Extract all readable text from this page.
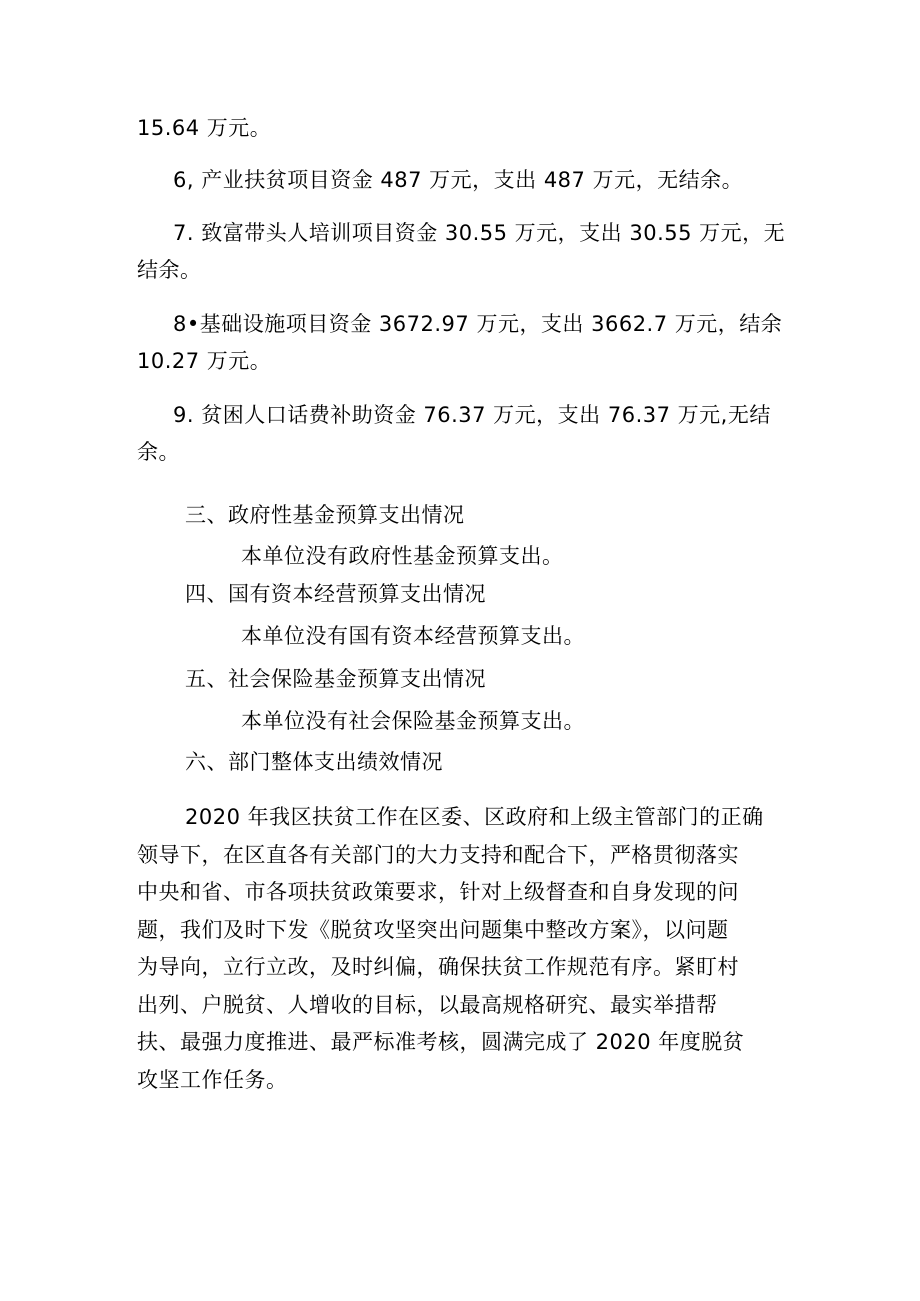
15.64 万元。
6, 产业扶贫项目资金 487 万元，支出 487 万元，无结余。
7. 致富带头人培训项目资金 30.55 万元，支出 30.55 万元，无
结余。
8•基础设施项目资金 3672.97 万元，支出 3662.7 万元，结余
10.27 万元。
9. 贫困人口话费补助资金 76.37 万元，支出 76.37 万元,无结
余。
三、政府性基金预算支出情况
本单位没有政府性基金预算支出。
四、国有资本经营预算支出情况
本单位没有国有资本经营预算支出。
五、社会保险基金预算支出情况
本单位没有社会保险基金预算支出。
六、部门整体支出绩效情况
2020 年我区扶贫工作在区委、区政府和上级主管部门的正确
领导下，在区直各有关部门的大力支持和配合下，严格贯彻落实
中央和省、市各项扶贫政策要求，针对上级督查和自身发现的问
题，我们及时下发《脱贫攻坚突出问题集中整改方案》，以问题
为导向，立行立改，及时纠偏，确保扶贫工作规范有序。紧盯村
出列、户脱贫、人增收的目标，以最高规格研究、最实举措帮
扶、最强力度推进、最严标准考核，圆满完成了 2020 年度脱贫
攻坚工作任务。
